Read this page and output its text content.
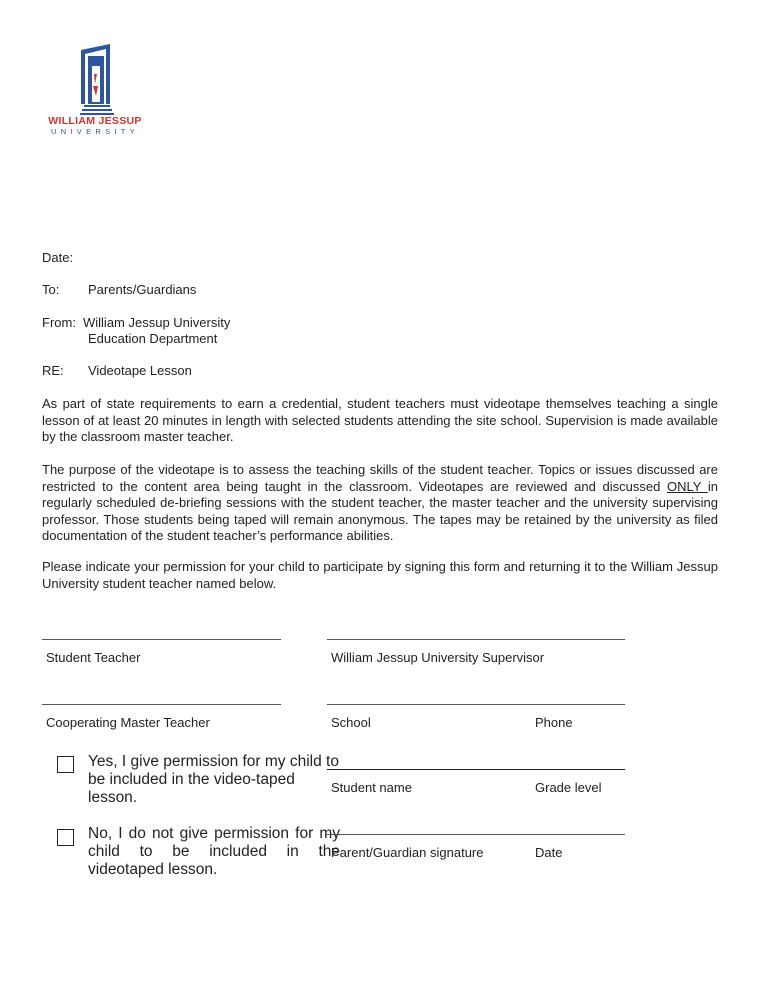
WILLIAM JESSUP
UNIVERSITY
Date:
To: Parents/Guardians
From: William Jessup University
Education Department
RE: Videotape Lesson
As part of state requirements to earn a credential, student teachers must videotape themselves teaching a single lesson of at least 20 minutes in length with selected students attending the site school. Supervision is made available by the classroom master teacher.
The purpose of the videotape is to assess the teaching skills of the student teacher. Topics or issues discussed are restricted to the content area being taught in the classroom. Videotapes are reviewed and discussed ONLY in regularly scheduled de-briefing sessions with the student teacher, the master teacher and the university supervising professor. Those students being taped will remain anonymous. The tapes may be retained by the university as filed documentation of the student teacher’s performance abilities.
Please indicate your permission for your child to participate by signing this form and returning it to the William Jessup University student teacher named below.
Student Teacher	William Jessup University Supervisor
Cooperating Master Teacher	School	Phone
Yes, I give permission for my child to be included in the video-taped lesson.
Student name	Grade level
No, I do not give permission for my child to be included in the videotaped lesson.
Parent/Guardian signature	Date
